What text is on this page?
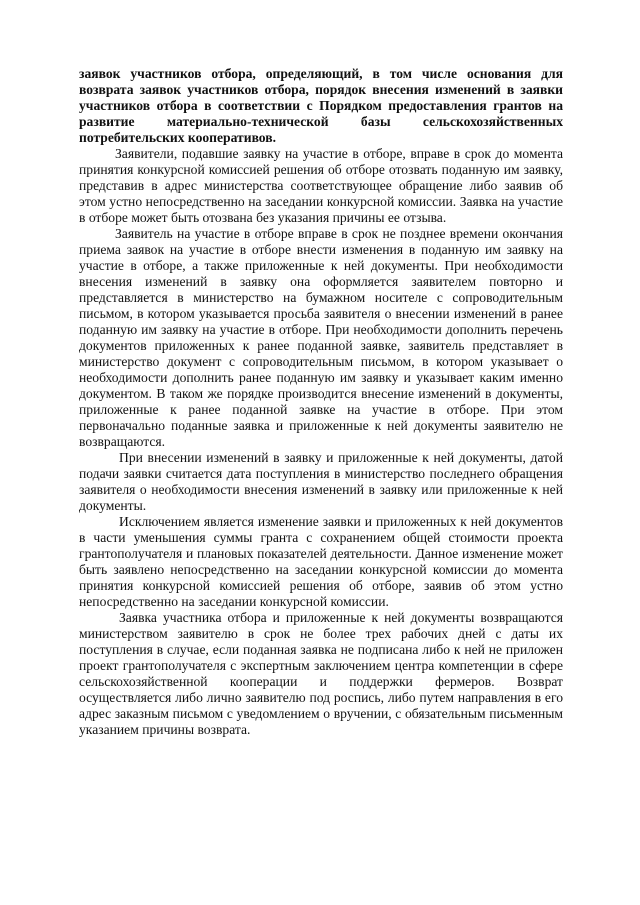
заявок участников отбора, определяющий, в том числе основания для возврата заявок участников отбора, порядок внесения изменений в заявки участников отбора в соответствии с Порядком предоставления грантов на развитие материально-технической базы сельскохозяйственных потребительских кооперативов.

Заявители, подавшие заявку на участие в отборе, вправе в срок до момента принятия конкурсной комиссией решения об отборе отозвать поданную им заявку, представив в адрес министерства соответствующее обращение либо заявив об этом устно непосредственно на заседании конкурсной комиссии. Заявка на участие в отборе может быть отозвана без указания причины ее отзыва.

Заявитель на участие в отборе вправе в срок не позднее времени окончания приема заявок на участие в отборе внести изменения в поданную им заявку на участие в отборе, а также приложенные к ней документы. При необходимости внесения изменений в заявку она оформляется заявителем повторно и представляется в министерство на бумажном носителе с сопроводительным письмом, в котором указывается просьба заявителя о внесении изменений в ранее поданную им заявку на участие в отборе. При необходимости дополнить перечень документов приложенных к ранее поданной заявке, заявитель представляет в министерство документ с сопроводительным письмом, в котором указывает о необходимости дополнить ранее поданную им заявку и указывает каким именно документом. В таком же порядке производится внесение изменений в документы, приложенные к ранее поданной заявке на участие в отборе. При этом первоначально поданные заявка и приложенные к ней документы заявителю не возвращаются.

При внесении изменений в заявку и приложенные к ней документы, датой подачи заявки считается дата поступления в министерство последнего обращения заявителя о необходимости внесения изменений в заявку или приложенные к ней документы.

Исключением является изменение заявки и приложенных к ней документов в части уменьшения суммы гранта с сохранением общей стоимости проекта грантополучателя и плановых показателей деятельности. Данное изменение может быть заявлено непосредственно на заседании конкурсной комиссии до момента принятия конкурсной комиссией решения об отборе, заявив об этом устно непосредственно на заседании конкурсной комиссии.

Заявка участника отбора и приложенные к ней документы возвращаются министерством заявителю в срок не более трех рабочих дней с даты их поступления в случае, если поданная заявка не подписана либо к ней не приложен проект грантополучателя с экспертным заключением центра компетенции в сфере сельскохозяйственной кооперации и поддержки фермеров. Возврат осуществляется либо лично заявителю под роспись, либо путем направления в его адрес заказным письмом с уведомлением о вручении, с обязательным письменным указанием причины возврата.
